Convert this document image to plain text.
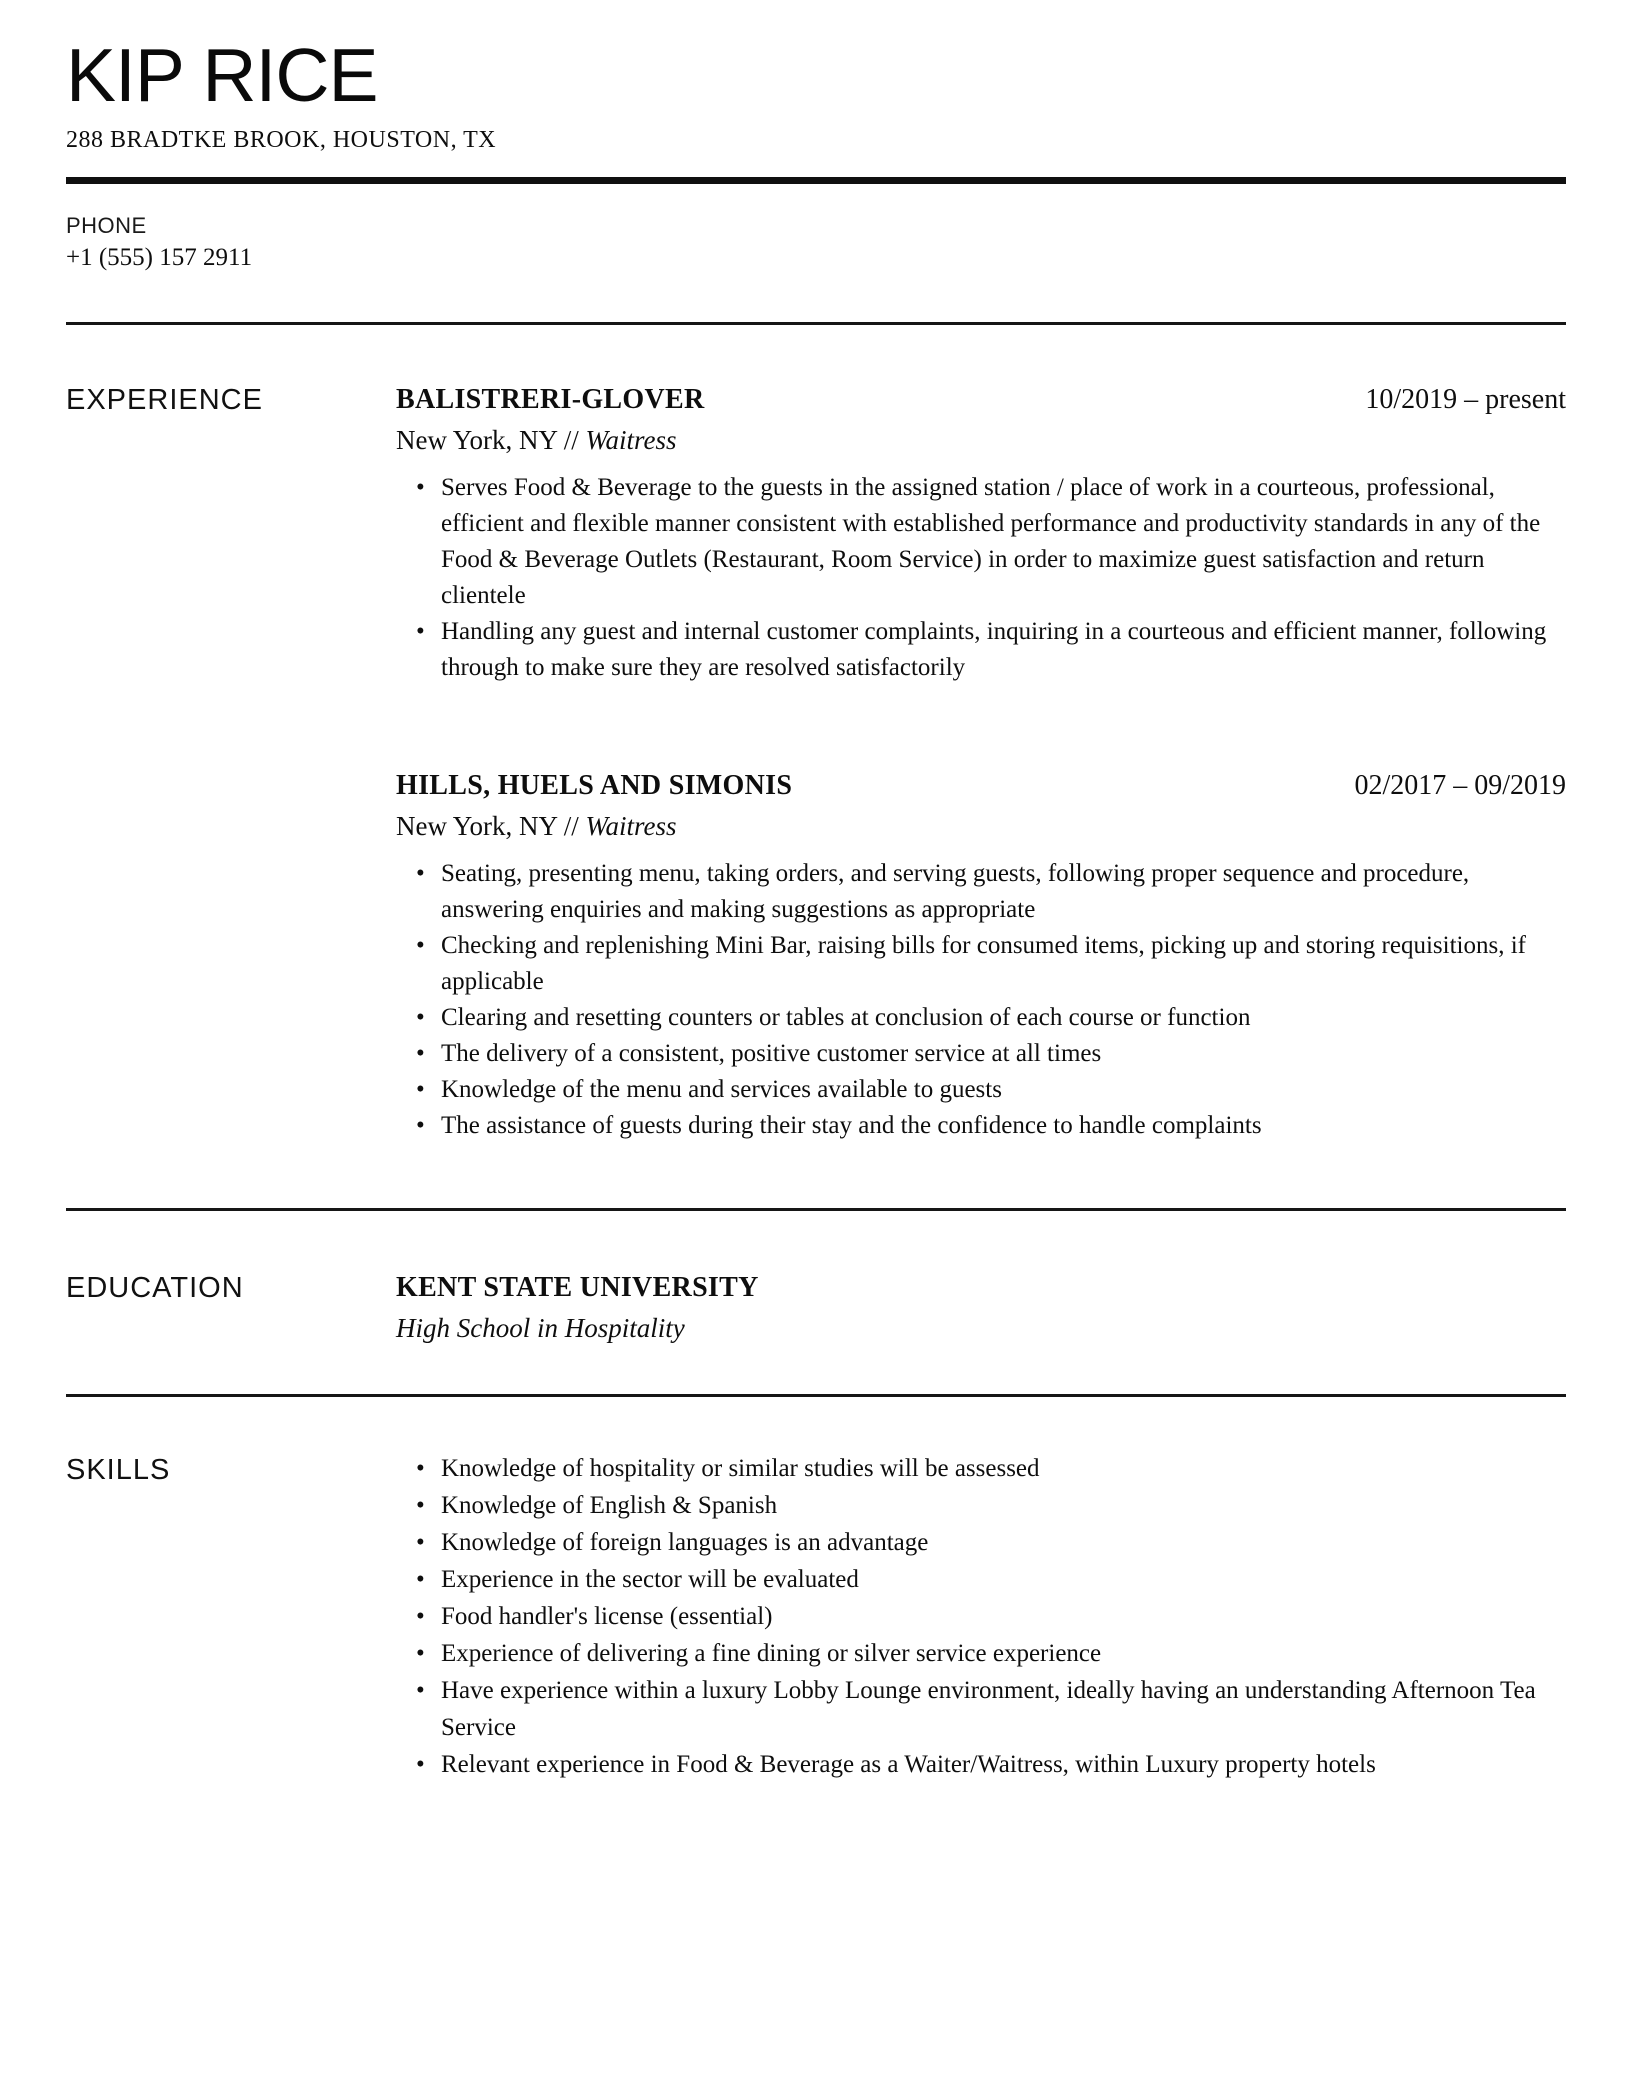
KIP RICE
288 BRADTKE BROOK, HOUSTON, TX
PHONE
+1 (555) 157 2911
EXPERIENCE	BALISTRERI-GLOVER	10/2019 – present
New York, NY // Waitress
• Serves Food & Beverage to the guests in the assigned station / place of work in a courteous, professional, efficient and flexible manner consistent with established performance and productivity standards in any of the Food & Beverage Outlets (Restaurant, Room Service) in order to maximize guest satisfaction and return clientele
• Handling any guest and internal customer complaints, inquiring in a courteous and efficient manner, following through to make sure they are resolved satisfactorily
HILLS, HUELS AND SIMONIS	02/2017 – 09/2019
New York, NY // Waitress
• Seating, presenting menu, taking orders, and serving guests, following proper sequence and procedure, answering enquiries and making suggestions as appropriate
• Checking and replenishing Mini Bar, raising bills for consumed items, picking up and storing requisitions, if applicable
• Clearing and resetting counters or tables at conclusion of each course or function
• The delivery of a consistent, positive customer service at all times
• Knowledge of the menu and services available to guests
• The assistance of guests during their stay and the confidence to handle complaints
EDUCATION	KENT STATE UNIVERSITY
High School in Hospitality
SKILLS	• Knowledge of hospitality or similar studies will be assessed
• Knowledge of English & Spanish
• Knowledge of foreign languages is an advantage
• Experience in the sector will be evaluated
• Food handler's license (essential)
• Experience of delivering a fine dining or silver service experience
• Have experience within a luxury Lobby Lounge environment, ideally having an understanding Afternoon Tea Service
• Relevant experience in Food & Beverage as a Waiter/Waitress, within Luxury property hotels
